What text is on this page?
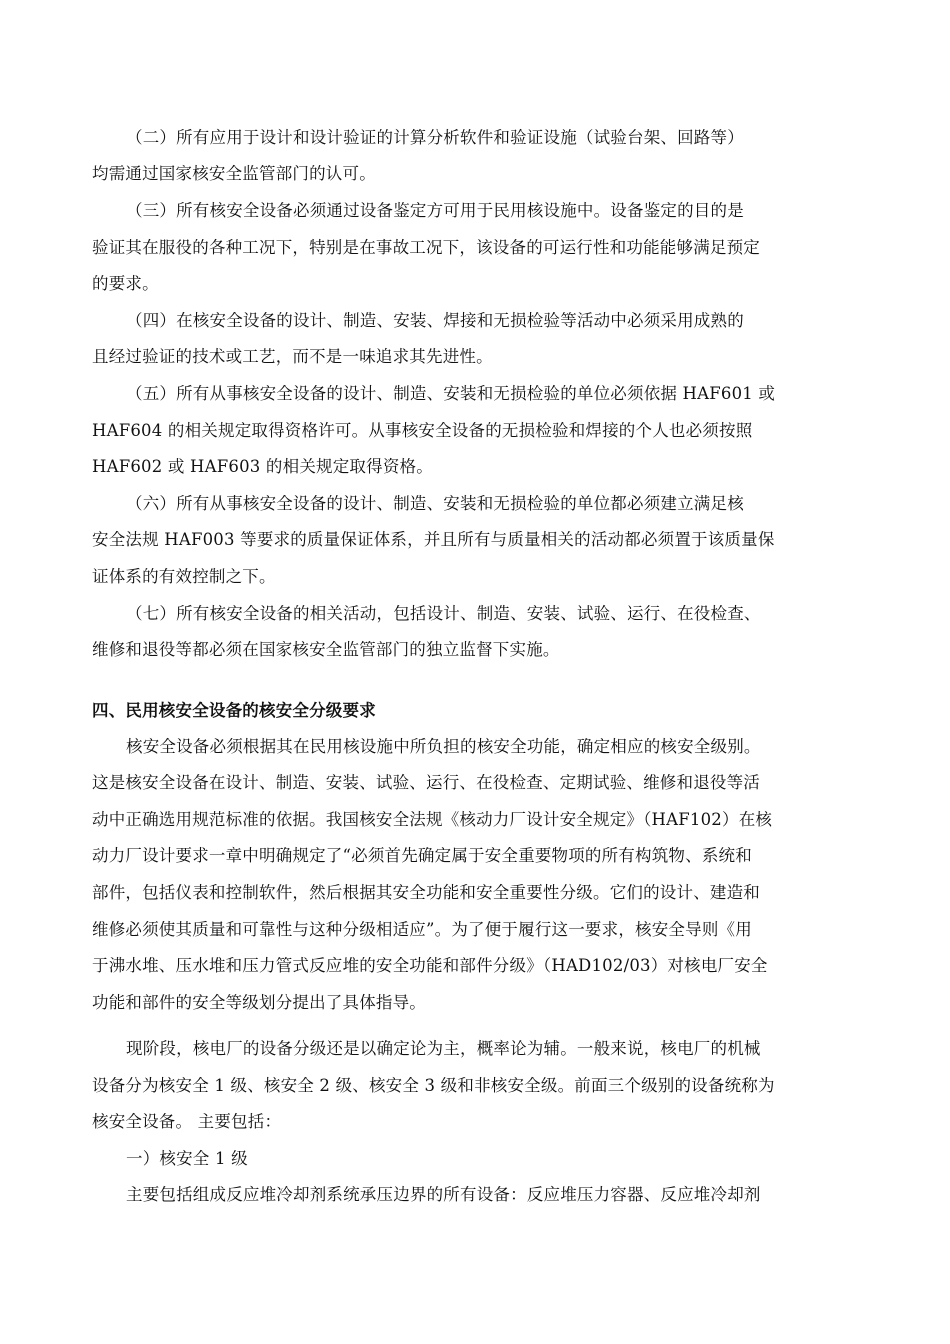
（二）所有应用于设计和设计验证的计算分析软件和验证设施（试验台架、回路等）
均需通过国家核安全监管部门的认可。
（三）所有核安全设备必须通过设备鉴定方可用于民用核设施中。设备鉴定的目的是
验证其在服役的各种工况下，特别是在事故工况下，该设备的可运行性和功能能够满足预定
的要求。
（四）在核安全设备的设计、制造、安装、焊接和无损检验等活动中必须采用成熟的
且经过验证的技术或工艺，而不是一味追求其先进性。
（五）所有从事核安全设备的设计、制造、安装和无损检验的单位必须依据 HAF601 或
HAF604 的相关规定取得资格许可。从事核安全设备的无损检验和焊接的个人也必须按照
HAF602 或 HAF603 的相关规定取得资格。
（六）所有从事核安全设备的设计、制造、安装和无损检验的单位都必须建立满足核
安全法规 HAF003 等要求的质量保证体系，并且所有与质量相关的活动都必须置于该质量保
证体系的有效控制之下。
（七）所有核安全设备的相关活动，包括设计、制造、安装、试验、运行、在役检查、
维修和退役等都必须在国家核安全监管部门的独立监督下实施。
四、民用核安全设备的核安全分级要求
核安全设备必须根据其在民用核设施中所负担的核安全功能，确定相应的核安全级别。
这是核安全设备在设计、制造、安装、试验、运行、在役检查、定期试验、维修和退役等活
动中正确选用规范标准的依据。我国核安全法规《核动力厂设计安全规定》（HAF102）在核
动力厂设计要求一章中明确规定了“必须首先确定属于安全重要物项的所有构筑物、系统和
部件，包括仪表和控制软件，然后根据其安全功能和安全重要性分级。它们的设计、建造和
维修必须使其质量和可靠性与这种分级相适应”。为了便于履行这一要求，核安全导则《用
于沸水堆、压水堆和压力管式反应堆的安全功能和部件分级》（HAD102/03）对核电厂安全
功能和部件的安全等级划分提出了具体指导。
现阶段，核电厂的设备分级还是以确定论为主，概率论为辅。一般来说，核电厂的机械
设备分为核安全 1 级、核安全 2 级、核安全 3 级和非核安全级。前面三个级别的设备统称为
核安全设备。 主要包括：
一）核安全 1 级
主要包括组成反应堆冷却剂系统承压边界的所有设备：反应堆压力容器、反应堆冷却剂
